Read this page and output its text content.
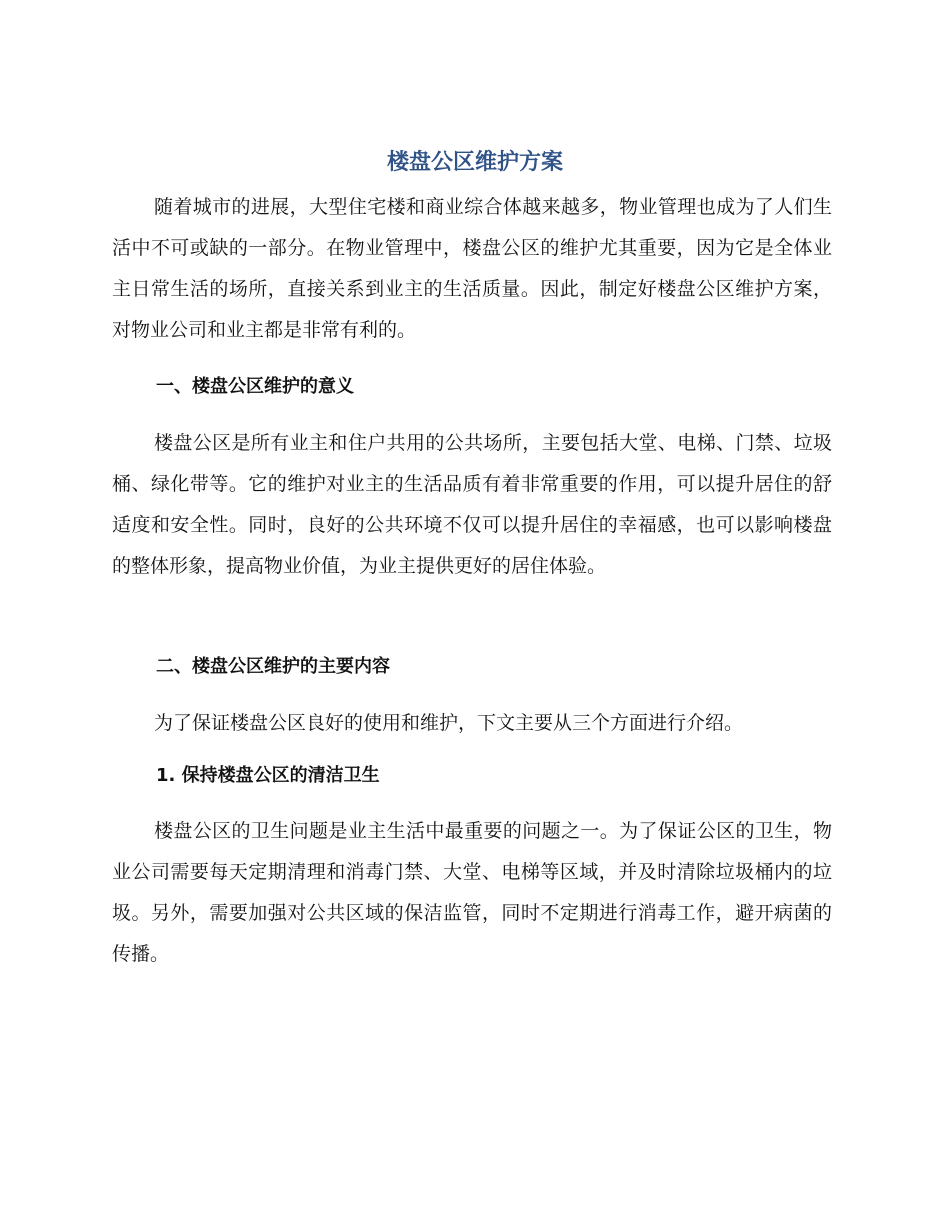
楼盘公区维护方案

随着城市的进展，大型住宅楼和商业综合体越来越多，物业管理也成为了人们生活中不可或缺的一部分。在物业管理中，楼盘公区的维护尤其重要，因为它是全体业主日常生活的场所，直接关系到业主的生活质量。因此，制定好楼盘公区维护方案，对物业公司和业主都是非常有利的。

一、楼盘公区维护的意义

楼盘公区是所有业主和住户共用的公共场所，主要包括大堂、电梯、门禁、垃圾桶、绿化带等。它的维护对业主的生活品质有着非常重要的作用，可以提升居住的舒适度和安全性。同时，良好的公共环境不仅可以提升居住的幸福感，也可以影响楼盘的整体形象，提高物业价值，为业主提供更好的居住体验。

二、楼盘公区维护的主要内容

为了保证楼盘公区良好的使用和维护，下文主要从三个方面进行介绍。

1. 保持楼盘公区的清洁卫生

楼盘公区的卫生问题是业主生活中最重要的问题之一。为了保证公区的卫生，物业公司需要每天定期清理和消毒门禁、大堂、电梯等区域，并及时清除垃圾桶内的垃圾。另外，需要加强对公共区域的保洁监管，同时不定期进行消毒工作，避开病菌的传播。
